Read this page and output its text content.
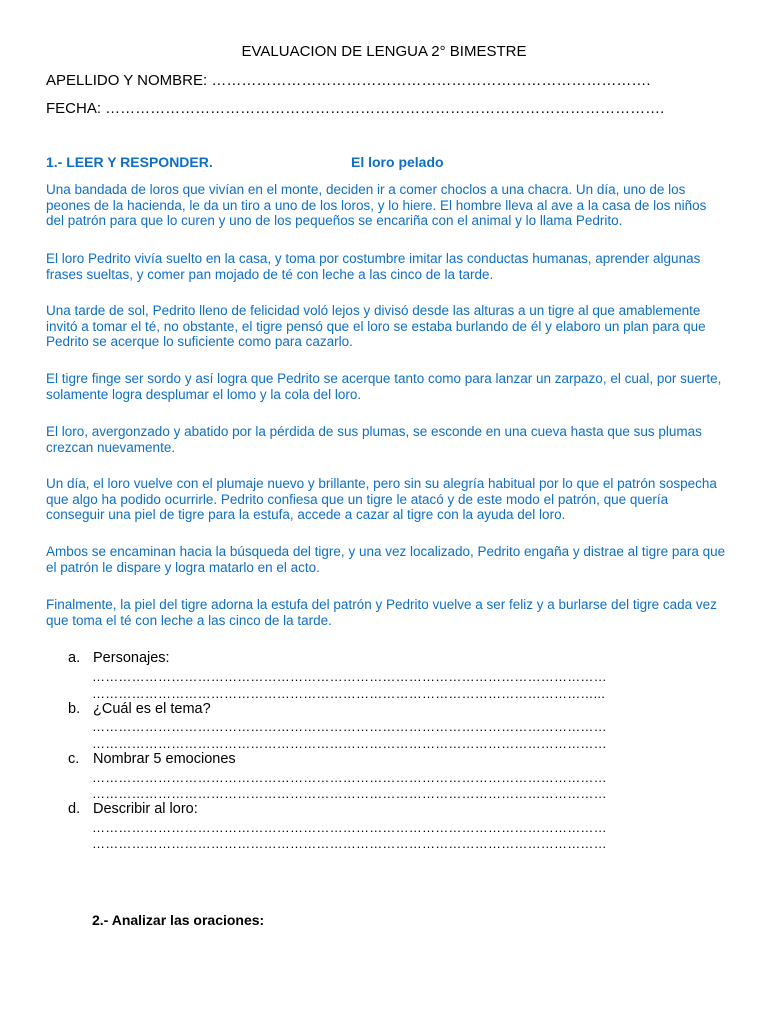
EVALUACION DE LENGUA 2° BIMESTRE
APELLIDO Y NOMBRE: …………………………………………………………………………….
FECHA: ………………………………………………………………………………………………….
1.- LEER Y RESPONDER.	El loro pelado

Una bandada de loros que vivían en el monte, deciden ir a comer choclos a una chacra. Un día, uno de los peones de la hacienda, le da un tiro a uno de los loros, y lo hiere. El hombre lleva al ave a la casa de los niños del patrón para que lo curen y uno de los pequeños se encariña con el animal y lo llama Pedrito.

El loro Pedrito vivía suelto en la casa, y toma por costumbre imitar las conductas humanas, aprender algunas frases sueltas, y comer pan mojado de té con leche a las cinco de la tarde.

Una tarde de sol, Pedrito lleno de felicidad voló lejos y divisó desde las alturas a un tigre al que amablemente invitó a tomar el té, no obstante, el tigre pensó que el loro se estaba burlando de él y elaboro un plan para que Pedrito se acerque lo suficiente como para cazarlo.

El tigre finge ser sordo y así logra que Pedrito se acerque tanto como para lanzar un zarpazo, el cual, por suerte, solamente logra desplumar el lomo y la cola del loro.

El loro, avergonzado y abatido por la pérdida de sus plumas, se esconde en una cueva hasta que sus plumas crezcan nuevamente.

Un día, el loro vuelve con el plumaje nuevo y brillante, pero sin su alegría habitual por lo que el patrón sospecha que algo ha podido ocurrirle. Pedrito confiesa que un tigre le atacó y de este modo el patrón, que quería conseguir una piel de tigre para la estufa, accede a cazar al tigre con la ayuda del loro.

Ambos se encaminan hacia la búsqueda del tigre, y una vez localizado, Pedrito engaña y distrae al tigre para que el patrón le dispare y logra matarlo en el acto.

Finalmente, la piel del tigre adorna la estufa del patrón y Pedrito vuelve a ser feliz y a burlarse del tigre cada vez que toma el té con leche a las cinco de la tarde.

a. Personajes:
………………………………………………………………………………………………………
……………………………………………………………………………………………………...
b. ¿Cuál es el tema?
………………………………………………………………………………………………………
………………………………………………………………………………………………………
c. Nombrar 5 emociones
………………………………………………………………………………………………………
………………………………………………………………………………………………………
d. Describir al loro:
………………………………………………………………………………………………………
………………………………………………………………………………………………………
2.- Analizar las oraciones:
